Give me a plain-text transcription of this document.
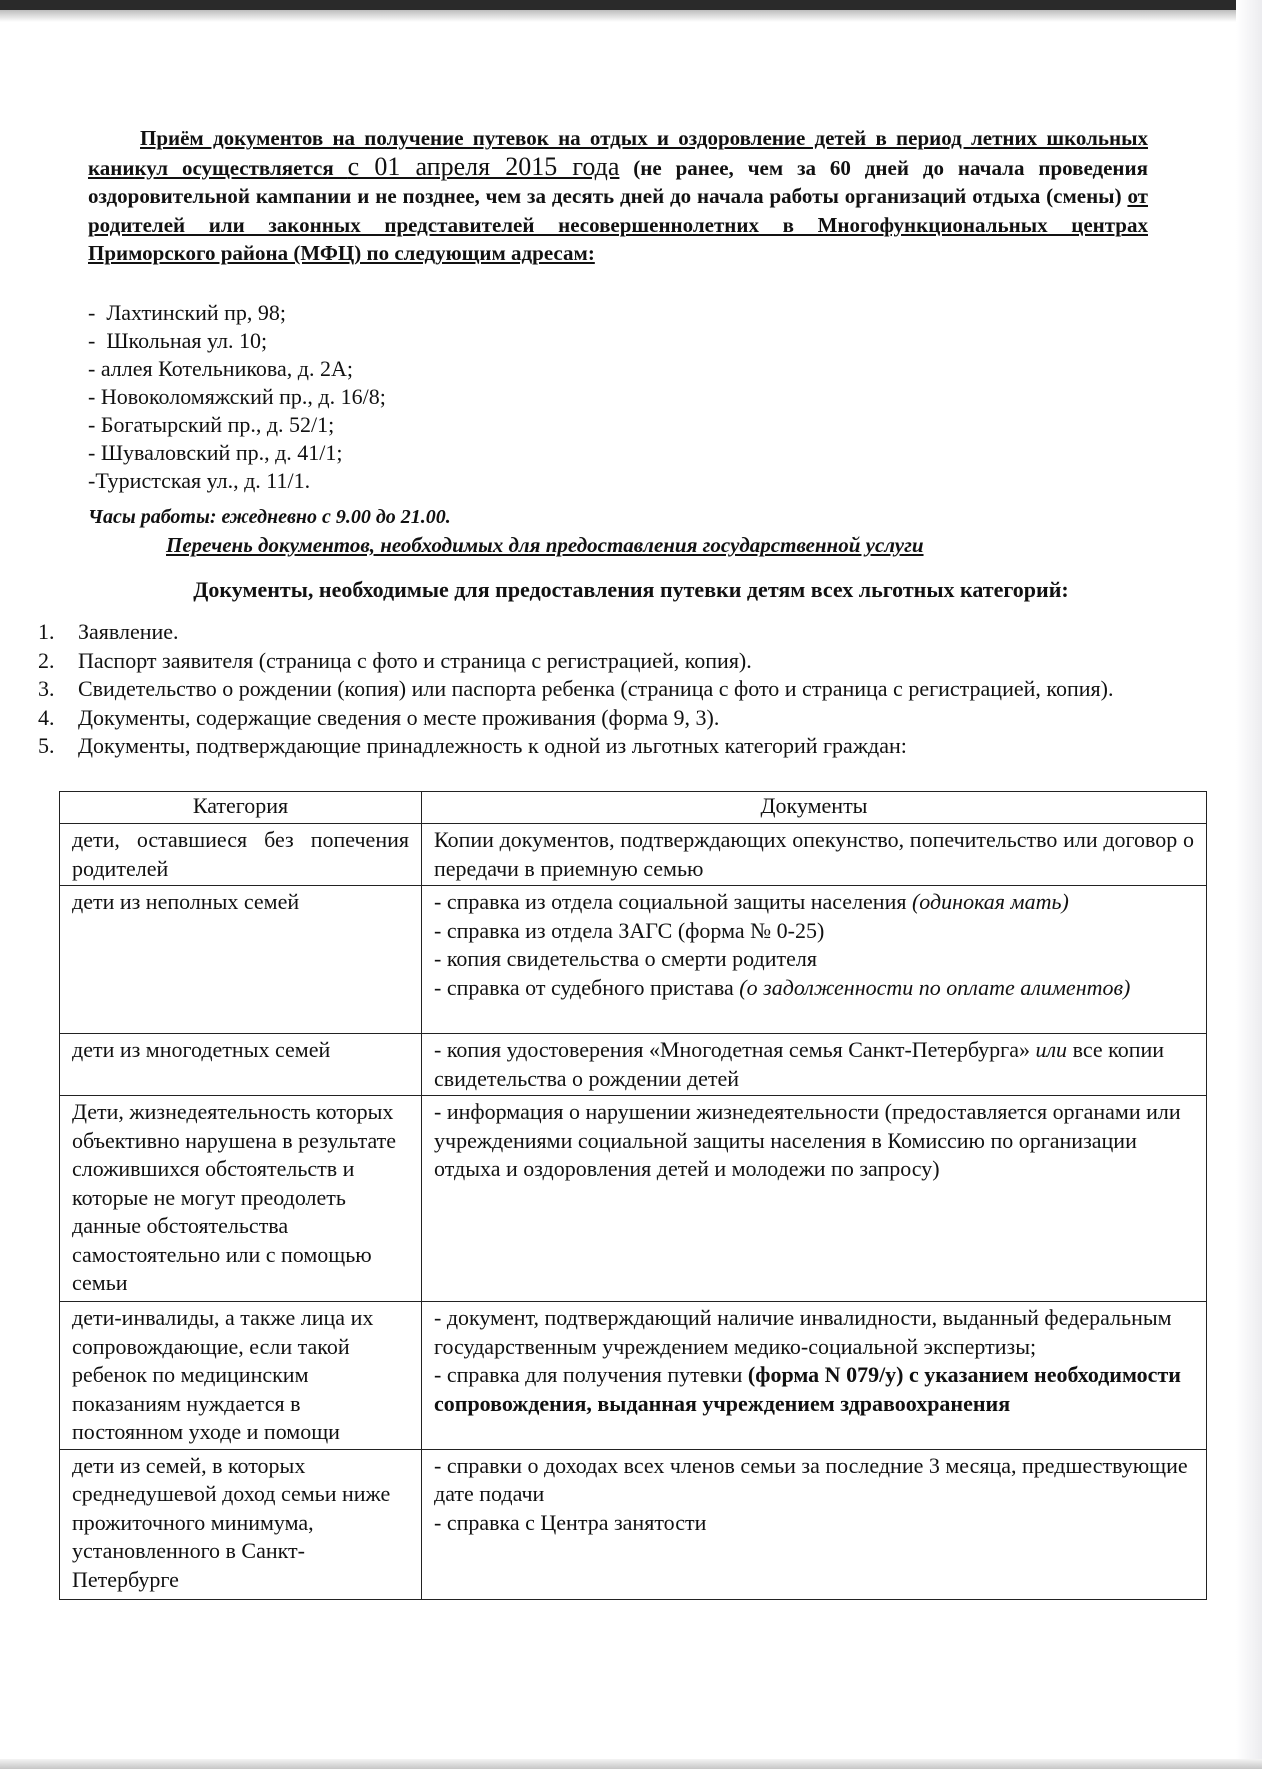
Приём документов на получение путевок на отдых и оздоровление детей в период летних школьных каникул осуществляется с 01 апреля 2015 года (не ранее, чем за 60 дней до начала проведения оздоровительной кампании и не позднее, чем за десять дней до начала работы организаций отдыха (смены) от родителей или законных представителей несовершеннолетних в Многофункциональных центрах Приморского района (МФЦ) по следующим адресам:

-  Лахтинский пр, 98;
-  Школьная ул. 10;
- аллея Котельникова, д. 2А;
- Новоколомяжский пр., д. 16/8;
- Богатырский пр., д. 52/1;
- Шуваловский пр., д. 41/1;
-Туристская ул., д. 11/1.
Часы работы: ежедневно с 9.00 до 21.00.
Перечень документов, необходимых для предоставления государственной услуги
Документы, необходимые для предоставления путевки детям всех льготных категорий:
1.	Заявление.
2.	Паспорт заявителя (страница с фото и страница с регистрацией, копия).
3.	Свидетельство о рождении (копия) или паспорта ребенка (страница с фото и страница с регистрацией, копия).
4.	Документы, содержащие сведения о месте проживания (форма 9, 3).
5.	Документы, подтверждающие принадлежность к одной из льготных категорий граждан:
Категория	Документы
дети, оставшиеся без попечения родителей	Копии документов, подтверждающих опекунство, попечительство или договор о передачи в приемную семью
дети из неполных семей	- справка из отдела социальной защиты населения (одинокая мать)
- справка из отдела ЗАГС (форма № 0-25)
- копия свидетельства о смерти родителя
- справка от судебного пристава (о задолженности по оплате алиментов)

дети из многодетных семей	- копия удостоверения «Многодетная семья Санкт-Петербурга» или все копии свидетельства о рождении детей
Дети, жизнедеятельность которых объективно нарушена в результате сложившихся обстоятельств и которые не могут преодолеть данные обстоятельства самостоятельно или с помощью семьи	- информация о нарушении жизнедеятельности (предоставляется органами или учреждениями социальной защиты населения в Комиссию по организации отдыха и оздоровления детей и молодежи по запросу)
дети-инвалиды, а также лица их сопровождающие, если такой ребенок по медицинским показаниям нуждается в постоянном уходе и помощи	- документ, подтверждающий наличие инвалидности, выданный федеральным государственным учреждением медико-социальной экспертизы;
- справка для получения путевки (форма N 079/у) с указанием необходимости сопровождения, выданная учреждением здравоохранения

дети из семей, в которых среднедушевой доход семьи ниже прожиточного минимума, установленного в Санкт-Петербурге	- справки о доходах всех членов семьи за последние 3 месяца, предшествующие дате подачи
- справка с Центра занятости
